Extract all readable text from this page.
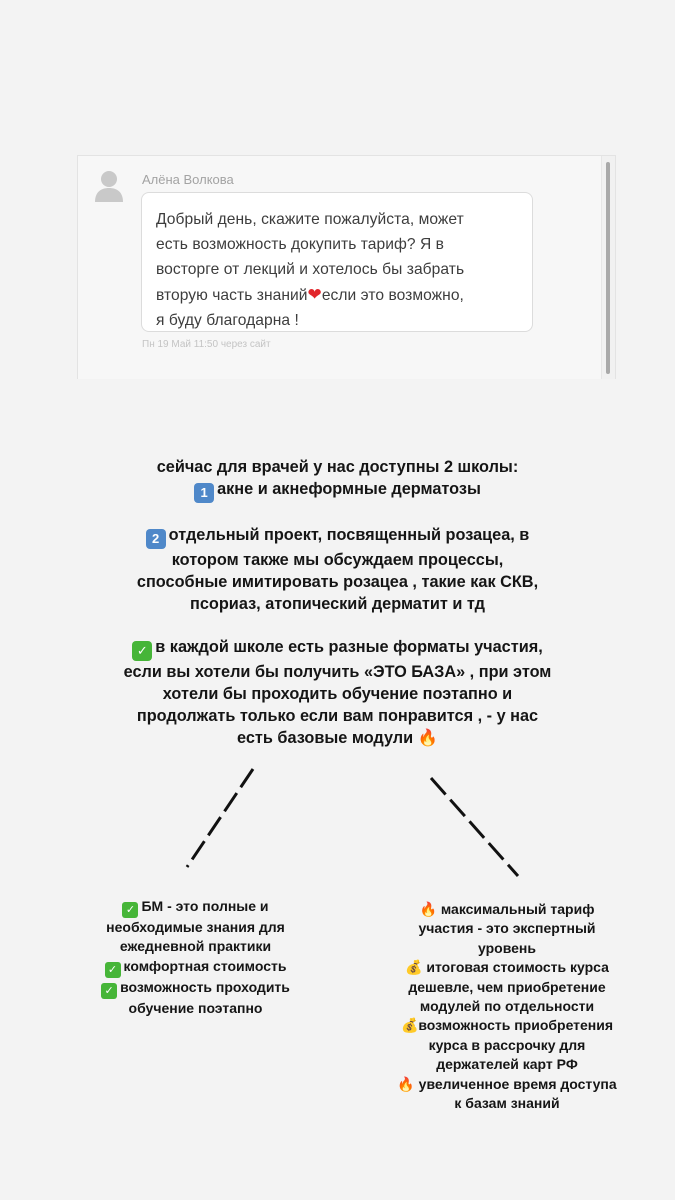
Алёна Волкова
Добрый день, скажите пожалуйста, может
есть возможность докупить тариф? Я в
восторге от лекций и хотелось бы забрать
вторую часть знаний❤если это возможно,
я буду благодарна !
Пн 19 Май 11:50 через сайт
сейчас для врачей у нас доступны 2 школы:
1 акне и акнеформные дерматозы
2 отдельный проект, посвященный розацеа, в
котором также мы обсуждаем процессы,
способные имитировать розацеа , такие как СКВ,
псориаз, атопический дерматит и тд
✓ в каждой школе есть разные форматы участия,
если вы хотели бы получить «ЭТО БАЗА» , при этом
хотели бы проходить обучение поэтапно и
продолжать только если вам понравится , - у нас
есть базовые модули 🔥
✓ БМ - это полные и
необходимые знания для
ежедневной практики
✓ комфортная стоимость
✓ возможность проходить
обучение поэтапно
🔥 максимальный тариф
участия - это экспертный
уровень
💰 итоговая стоимость курса
дешевле, чем приобретение
модулей по отдельности
💰возможность приобретения
курса в рассрочку для
держателей карт РФ
🔥 увеличенное время доступа
к базам знаний
